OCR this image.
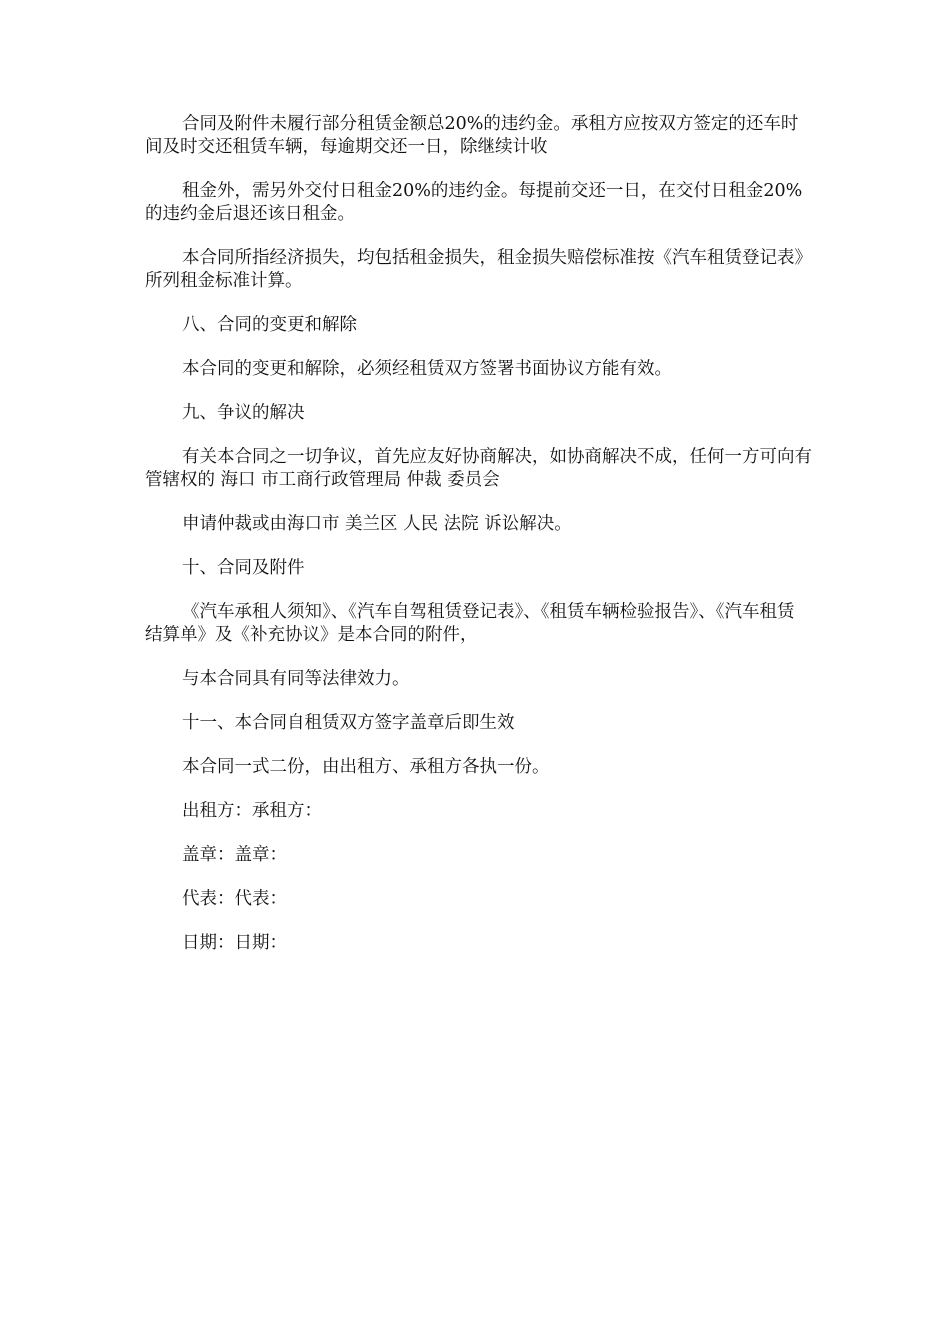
合同及附件未履行部分租赁金额总20%的违约金。承租方应按双方签定的还车时间及时交还租赁车辆，每逾期交还一日，除继续计收

租金外，需另外交付日租金20%的违约金。每提前交还一日，在交付日租金20%的违约金后退还该日租金。

本合同所指经济损失，均包括租金损失，租金损失赔偿标准按《汽车租赁登记表》所列租金标准计算。

八、合同的变更和解除

本合同的变更和解除，必须经租赁双方签署书面协议方能有效。

九、争议的解决

有关本合同之一切争议，首先应友好协商解决，如协商解决不成，任何一方可向有管辖权的 海口 市工商行政管理局 仲裁 委员会

申请仲裁或由海口市 美兰区 人民 法院 诉讼解决。

十、合同及附件

《汽车承租人须知》、《汽车自驾租赁登记表》、《租赁车辆检验报告》、《汽车租赁结算单》及《补充协议》是本合同的附件，

与本合同具有同等法律效力。

十一、本合同自租赁双方签字盖章后即生效

本合同一式二份，由出租方、承租方各执一份。

出租方：承租方：

盖章：盖章：

代表：代表：

日期：日期：
